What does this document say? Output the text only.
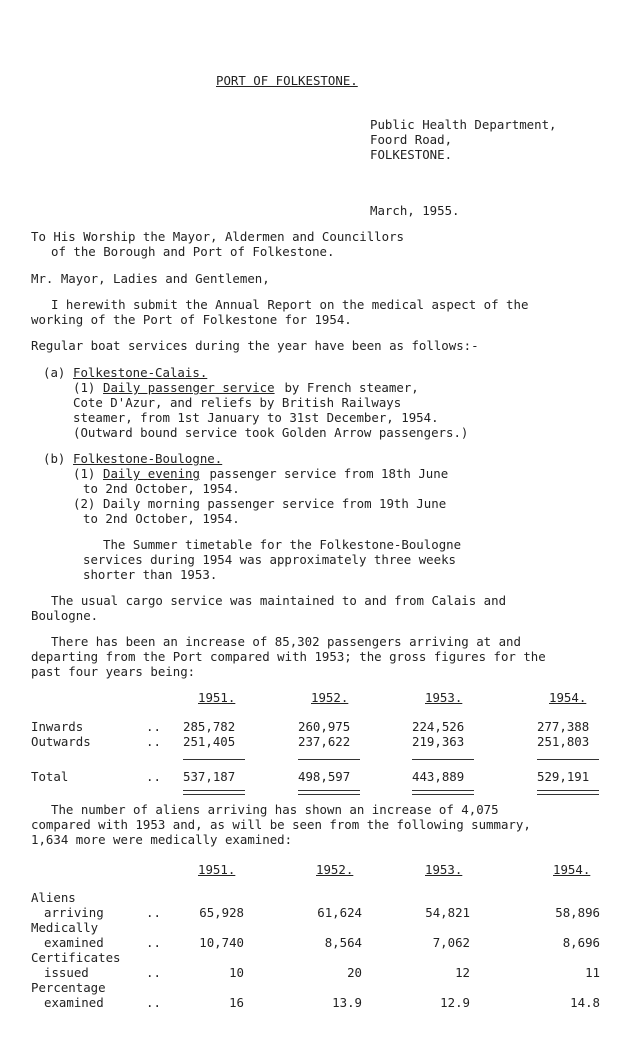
PORT OF FOLKESTONE.
Public Health Department,
Foord Road,
FOLKESTONE.
March, 1955.
To His Worship the Mayor, Aldermen and Councillors
of the Borough and Port of Folkestone.
Mr. Mayor, Ladies and Gentlemen,
I herewith submit the Annual Report on the medical aspect of the
working of the Port of Folkestone for 1954.
Regular boat services during the year have been as follows:-
(a) Folkestone-Calais.
(1) Daily passenger service by French steamer,
Cote D'Azur, and reliefs by British Railways
steamer, from 1st January to 31st December, 1954.
(Outward bound service took Golden Arrow passengers.)
(b) Folkestone-Boulogne.
(1) Daily evening passenger service from 18th June
to 2nd October, 1954.
(2) Daily morning passenger service from 19th June
to 2nd October, 1954.
The Summer timetable for the Folkestone-Boulogne
services during 1954 was approximately three weeks
shorter than 1953.
The usual cargo service was maintained to and from Calais and
Boulogne.
There has been an increase of 85,302 passengers arriving at and
departing from the Port compared with 1953; the gross figures for the
past four years being:
1951.	1952.	1953.	1954.
Inwards	.. 285,782	260,975	224,526	277,388
Outwards	.. 251,405	237,622	219,363	251,803
Total	.. 537,187	498,597	443,889	529,191
The number of aliens arriving has shown an increase of 4,075
compared with 1953 and, as will be seen from the following summary,
1,634 more were medically examined:
1951.	1952.	1953.	1954.
Aliens
arriving	..	65,928	61,624	54,821	58,896
Medically
examined	..	10,740	8,564	7,062	8,696
Certificates
issued	..	10	20	12	11
Percentage
examined	..	16	13.9	12.9	14.8
